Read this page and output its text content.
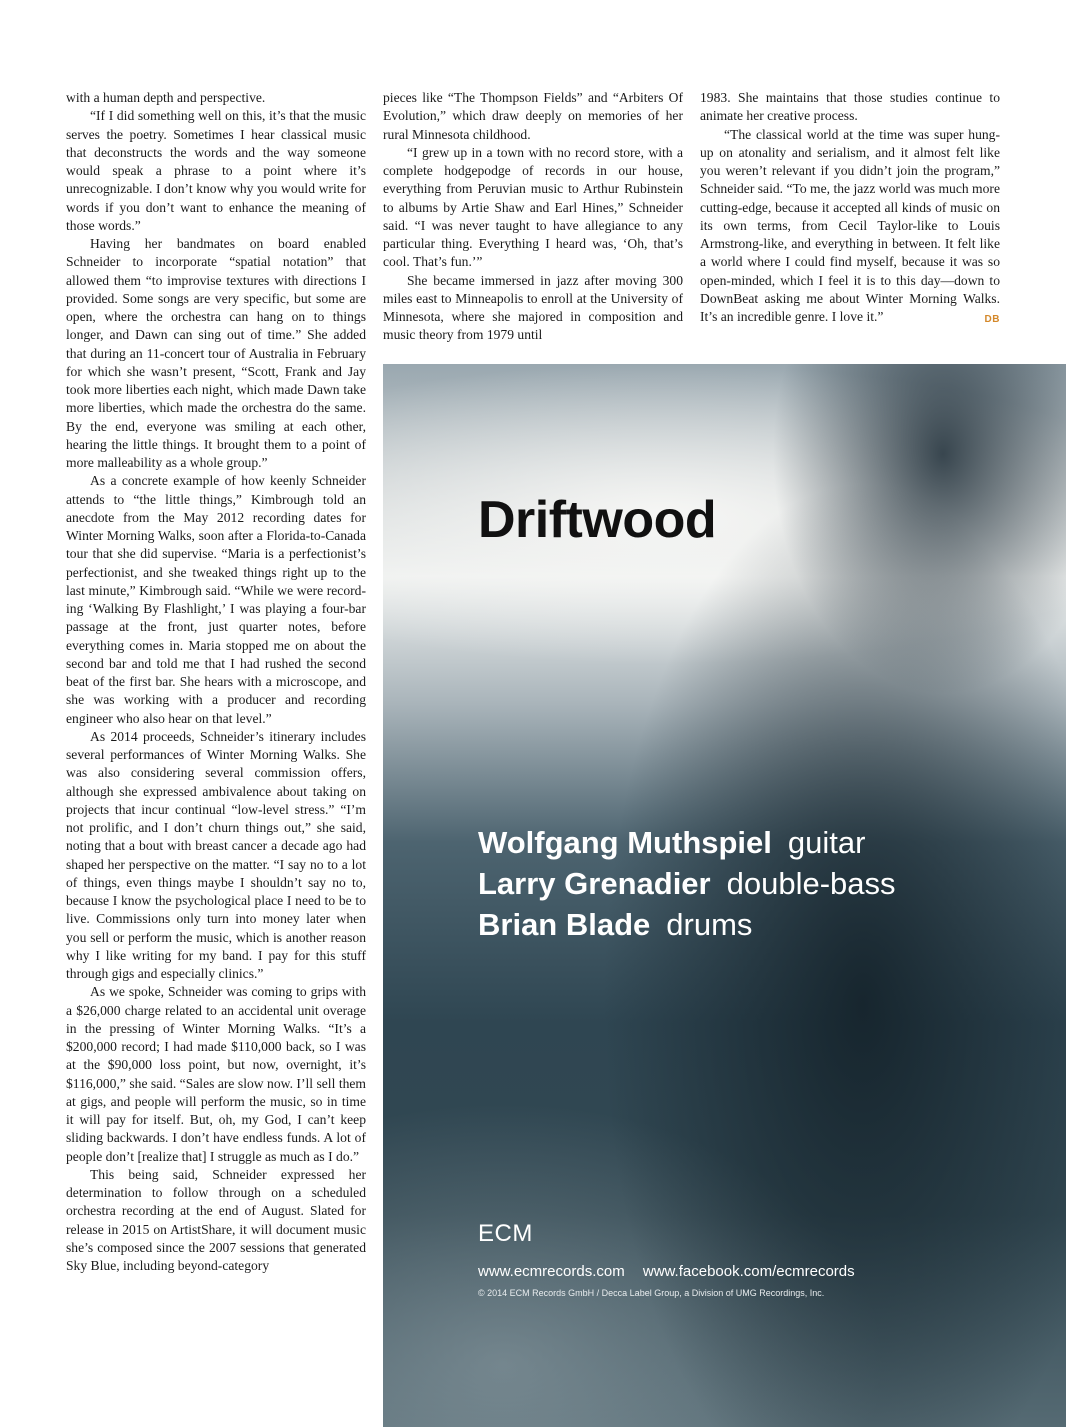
with a human depth and perspective.

“If I did something well on this, it’s that the music serves the poetry. Sometimes I hear classical music that deconstructs the words and the way someone would speak a phrase to a point where it’s unrecognizable. I don’t know why you would write for words if you don’t want to enhance the meaning of those words.”

Having her bandmates on board enabled Schneider to incorporate “spatial notation” that allowed them “to improvise textures with directions I provided. Some songs are very specific, but some are open, where the orchestra can hang on to things longer, and Dawn can sing out of time.” She added that during an 11-concert tour of Australia in February for which she wasn’t present, “Scott, Frank and Jay took more liberties each night, which made Dawn take more liberties, which made the orchestra do the same. By the end, everyone was smiling at each other, hearing the little things. It brought them to a point of more malleability as a whole group.”

As a concrete example of how keenly Schneider attends to “the little things,” Kimbrough told an anecdote from the May 2012 recording dates for Winter Morning Walks, soon after a Florida-to-Canada tour that she did supervise. “Maria is a perfectionist’s perfectionist, and she tweaked things right up to the last minute,” Kimbrough said. “While we were recording ‘Walking By Flashlight,’ I was playing a four-bar passage at the front, just quarter notes, before everything comes in. Maria stopped me on about the second bar and told me that I had rushed the second beat of the first bar. She hears with a microscope, and she was working with a producer and recording engineer who also hear on that level.”

As 2014 proceeds, Schneider’s itinerary includes several performances of Winter Morning Walks. She was also considering several commission offers, although she expressed ambivalence about taking on projects that incur continual “low-level stress.” “I’m not prolific, and I don’t churn things out,” she said, noting that a bout with breast cancer a decade ago had shaped her perspective on the matter. “I say no to a lot of things, even things maybe I shouldn’t say no to, because I know the psychological place I need to be to live. Commissions only turn into money later when you sell or perform the music, which is another reason why I like writing for my band. I pay for this stuff through gigs and especially clinics.”

As we spoke, Schneider was coming to grips with a $26,000 charge related to an accidental unit overage in the pressing of Winter Morning Walks. “It’s a $200,000 record; I had made $110,000 back, so I was at the $90,000 loss point, but now, overnight, it’s $116,000,” she said. “Sales are slow now. I’ll sell them at gigs, and people will perform the music, so in time it will pay for itself. But, oh, my God, I can’t keep sliding backwards. I don’t have endless funds. A lot of people don’t [realize that] I struggle as much as I do.”

This being said, Schneider expressed her determination to follow through on a scheduled orchestra recording at the end of August. Slated for release in 2015 on ArtistShare, it will document music she’s composed since the 2007 sessions that generated Sky Blue, including beyond-category

pieces like “The Thompson Fields” and “Arbiters Of Evolution,” which draw deeply on memories of her rural Minnesota childhood.

“I grew up in a town with no record store, with a complete hodgepodge of records in our house, everything from Peruvian music to Arthur Rubinstein to albums by Artie Shaw and Earl Hines,” Schneider said. “I was never taught to have allegiance to any particular thing. Everything I heard was, ‘Oh, that’s cool. That’s fun.’”

She became immersed in jazz after moving 300 miles east to Minneapolis to enroll at the University of Minnesota, where she majored in composition and music theory from 1979 until

1983. She maintains that those studies continue to animate her creative process.

“The classical world at the time was super hung-up on atonality and serialism, and it almost felt like you weren’t relevant if you didn’t join the program,” Schneider said. “To me, the jazz world was much more cutting-edge, because it accepted all kinds of music on its own terms, from Cecil Taylor-like to Louis Armstrong-like, and everything in between. It felt like a world where I could find myself, because it was so open-minded, which I feel it is to this day—down to DownBeat asking me about Winter Morning Walks. It’s an incredible genre. I love it.”	DB

Driftwood
Wolfgang Muthspiel guitar
Larry Grenadier double-bass
Brian Blade drums
ECM
www.ecmrecords.com www.facebook.com/ecmrecords
© 2014 ECM Records GmbH / Decca Label Group, a Division of UMG Recordings, Inc.
